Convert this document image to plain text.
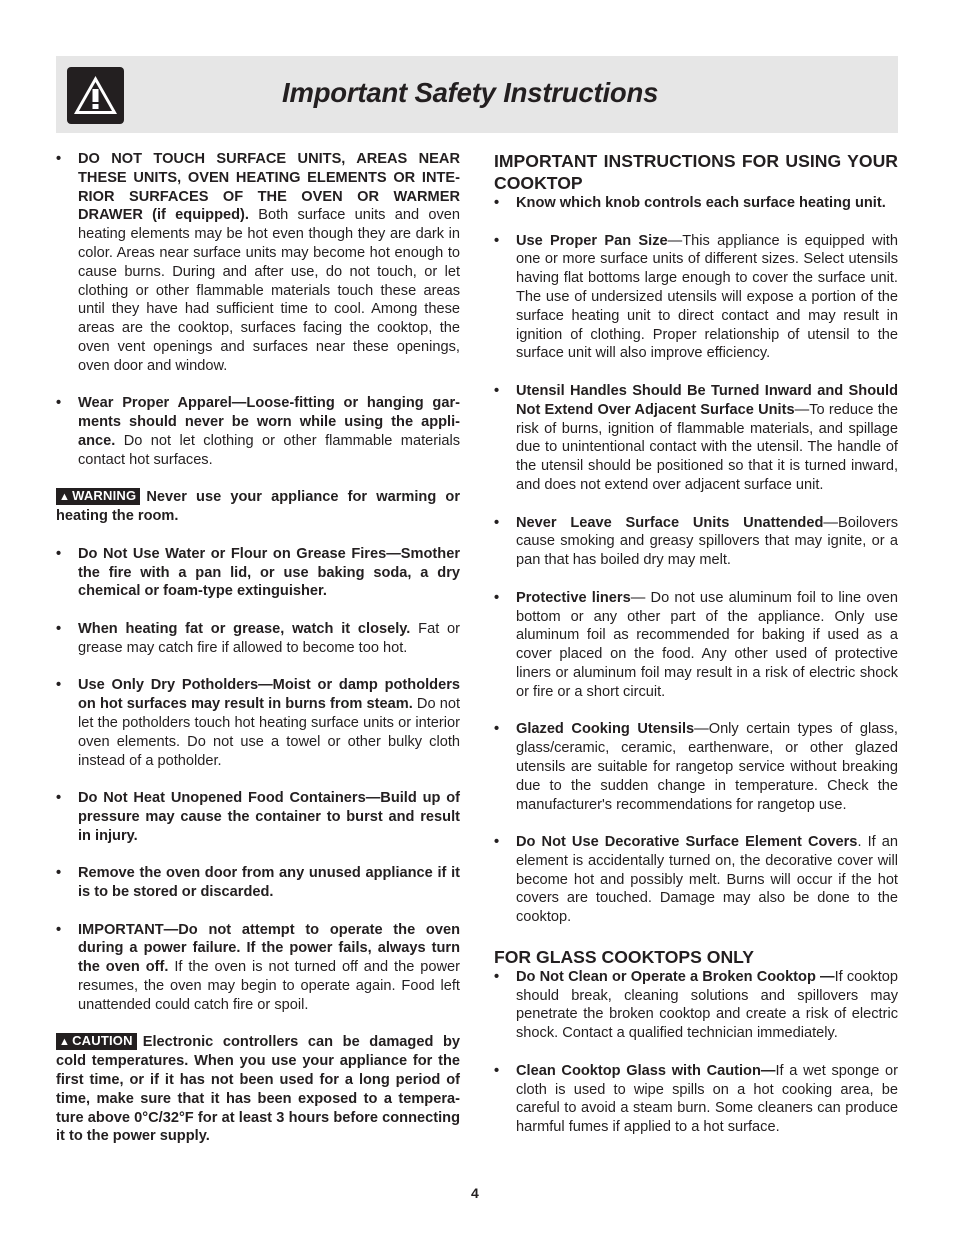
Important Safety Instructions
• DO NOT TOUCH SURFACE UNITS, AREAS NEAR THESE UNITS, OVEN HEATING ELEMENTS OR INTE-RIOR SURFACES OF THE OVEN OR WARMER DRAWER (if equipped). Both surface units and oven heating elements may be hot even though they are dark in color. Areas near surface units may become hot enough to cause burns. During and after use, do not touch, or let clothing or other flammable materials touch these areas until they have had sufficient time to cool. Among these areas are the cooktop, surfaces facing the cooktop, the oven vent openings and surfaces near these openings, oven door and window.
• Wear Proper Apparel—Loose-fitting or hanging gar-ments should never be worn while using the appli-ance. Do not let clothing or other flammable materials contact hot surfaces.
▲ WARNING Never use your appliance for warming or heating the room.
• Do Not Use Water or Flour on Grease Fires—Smother the fire with a pan lid, or use baking soda, a dry chemical or foam-type extinguisher.
• When heating fat or grease, watch it closely. Fat or grease may catch fire if allowed to become too hot.
• Use Only Dry Potholders—Moist or damp potholders on hot surfaces may result in burns from steam. Do not let the potholders touch hot heating surface units or interior oven elements. Do not use a towel or other bulky cloth instead of a potholder.
• Do Not Heat Unopened Food Containers—Build up of pressure may cause the container to burst and result in injury.
• Remove the oven door from any unused appliance if it is to be stored or discarded.
• IMPORTANT—Do not attempt to operate the oven during a power failure. If the power fails, always turn the oven off. If the oven is not turned off and the power resumes, the oven may begin to operate again. Food left unattended could catch fire or spoil.
▲ CAUTION Electronic controllers can be damaged by cold temperatures. When you use your appliance for the first time, or if it has not been used for a long period of time, make sure that it has been exposed to a tempera-ture above 0°C/32°F for at least 3 hours before connecting it to the power supply.
IMPORTANT INSTRUCTIONS FOR USING YOUR COOKTOP
• Know which knob controls each surface heating unit.
• Use Proper Pan Size—This appliance is equipped with one or more surface units of different sizes. Select utensils having flat bottoms large enough to cover the surface unit. The use of undersized utensils will expose a portion of the surface heating unit to direct contact and may result in ignition of clothing. Proper relationship of utensil to the surface unit will also improve efficiency.
• Utensil Handles Should Be Turned Inward and Should Not Extend Over Adjacent Surface Units—To reduce the risk of burns, ignition of flammable materials, and spillage due to unintentional contact with the utensil. The handle of the utensil should be positioned so that it is turned inward, and does not extend over adjacent surface unit.
• Never Leave Surface Units Unattended—Boilovers cause smoking and greasy spillovers that may ignite, or a pan that has boiled dry may melt.
• Protective liners— Do not use aluminum foil to line oven bottom or any other part of the appliance. Only use aluminum foil as recommended for baking if used as a cover placed on the food. Any other used of protective liners or aluminum foil may result in a risk of electric shock or fire or a short circuit.
• Glazed Cooking Utensils—Only certain types of glass, glass/ceramic, ceramic, earthenware, or other glazed utensils are suitable for rangetop service without breaking due to the sudden change in temperature. Check the manufacturer's recommendations for rangetop use.
• Do Not Use Decorative Surface Element Covers. If an element is accidentally turned on, the decorative cover will become hot and possibly melt. Burns will occur if the hot covers are touched. Damage may also be done to the cooktop.
FOR GLASS COOKTOPS ONLY
• Do Not Clean or Operate a Broken Cooktop —If cooktop should break, cleaning solutions and spillovers may penetrate the broken cooktop and create a risk of electric shock. Contact a qualified technician immediately.
• Clean Cooktop Glass with Caution—If a wet sponge or cloth is used to wipe spills on a hot cooking area, be careful to avoid a steam burn. Some cleaners can produce harmful fumes if applied to a hot surface.
4
